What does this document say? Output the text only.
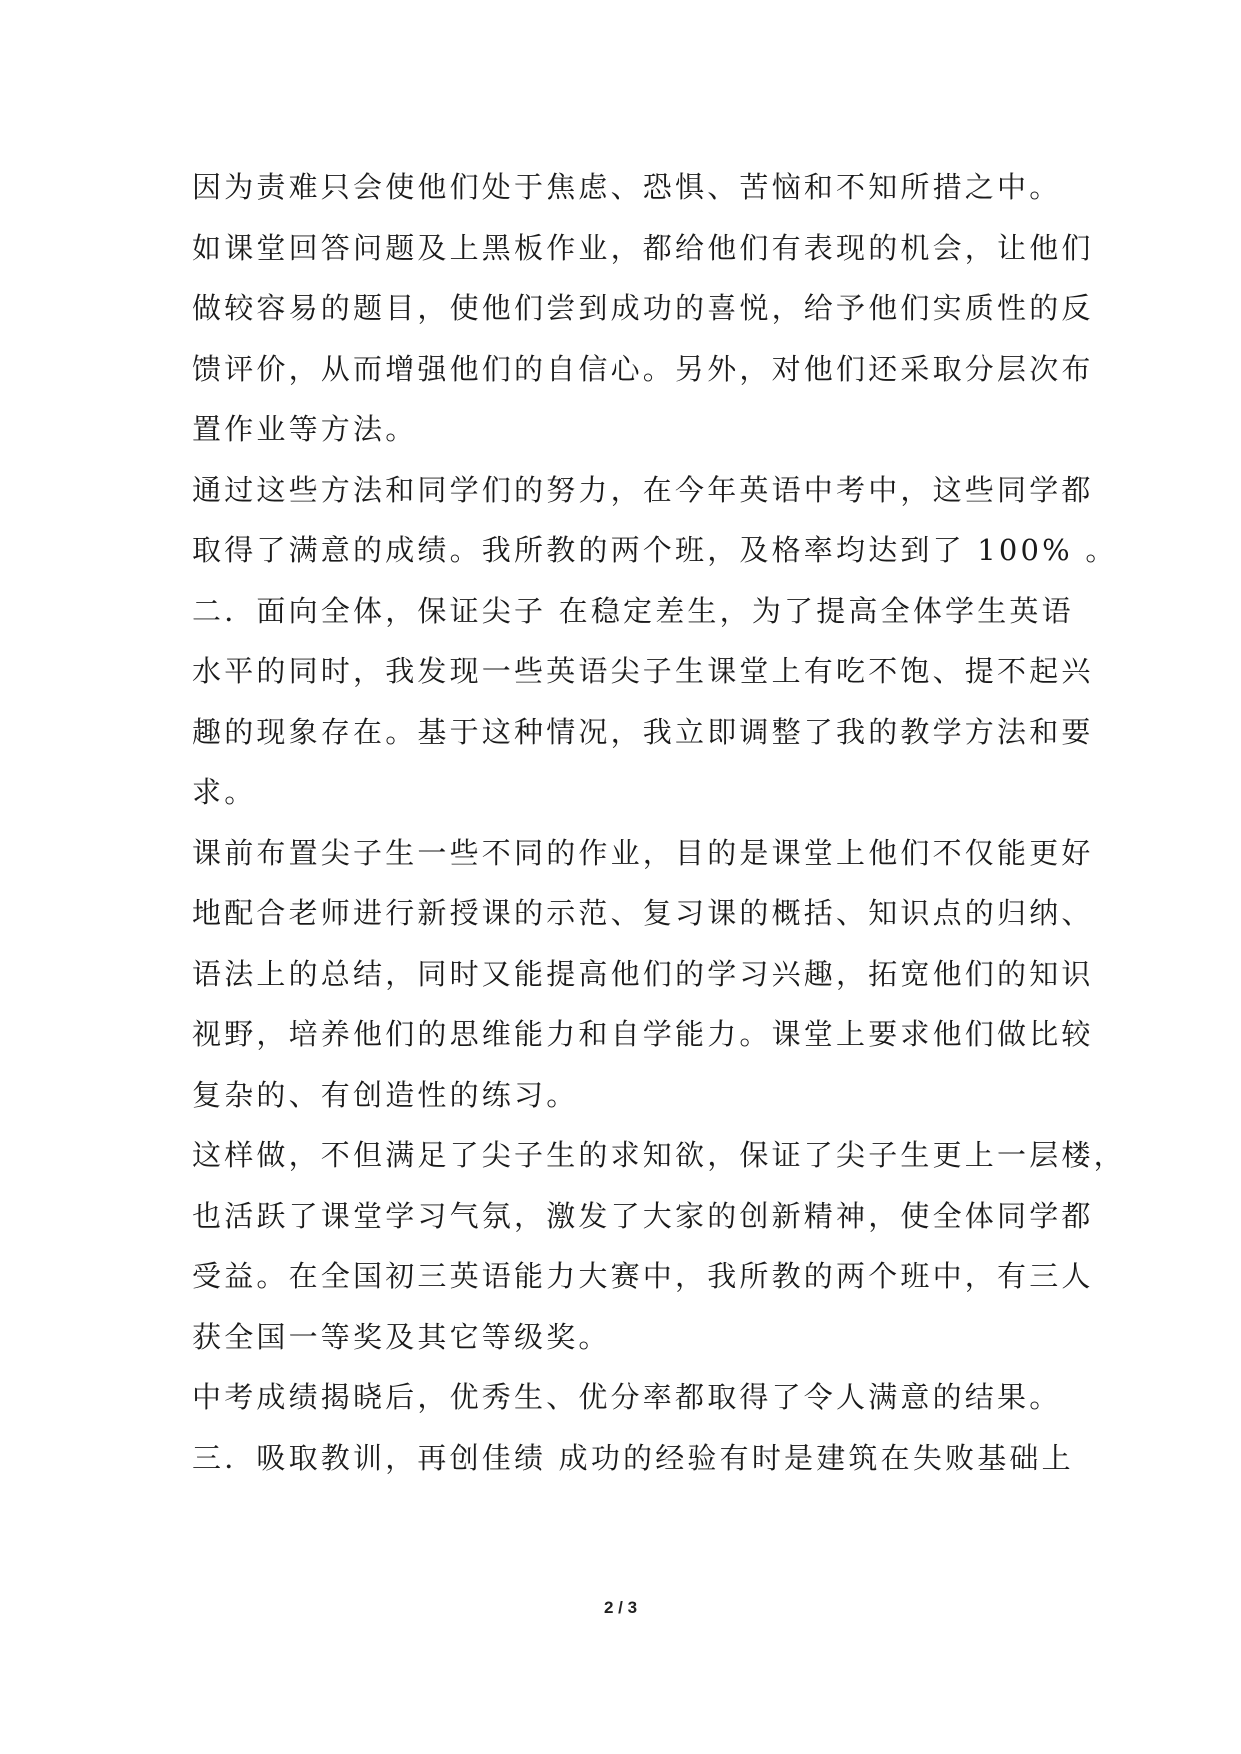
因为责难只会使他们处于焦虑、恐惧、苦恼和不知所措之中。
如课堂回答问题及上黑板作业，都给他们有表现的机会，让他们
做较容易的题目，使他们尝到成功的喜悦，给予他们实质性的反
馈评价，从而增强他们的自信心。另外，对他们还采取分层次布
置作业等方法。
通过这些方法和同学们的努力，在今年英语中考中，这些同学都
取得了满意的成绩。我所教的两个班，及格率均达到了 100% 。
二．面向全体，保证尖子 在稳定差生，为了提高全体学生英语
水平的同时，我发现一些英语尖子生课堂上有吃不饱、提不起兴
趣的现象存在。基于这种情况，我立即调整了我的教学方法和要
求。
课前布置尖子生一些不同的作业，目的是课堂上他们不仅能更好
地配合老师进行新授课的示范、复习课的概括、知识点的归纳、
语法上的总结，同时又能提高他们的学习兴趣，拓宽他们的知识
视野，培养他们的思维能力和自学能力。课堂上要求他们做比较
复杂的、有创造性的练习。
这样做，不但满足了尖子生的求知欲，保证了尖子生更上一层楼，
也活跃了课堂学习气氛，激发了大家的创新精神，使全体同学都
受益。在全国初三英语能力大赛中，我所教的两个班中，有三人
获全国一等奖及其它等级奖。
中考成绩揭晓后，优秀生、优分率都取得了令人满意的结果。
三．吸取教训，再创佳绩 成功的经验有时是建筑在失败基础上
2 / 3
